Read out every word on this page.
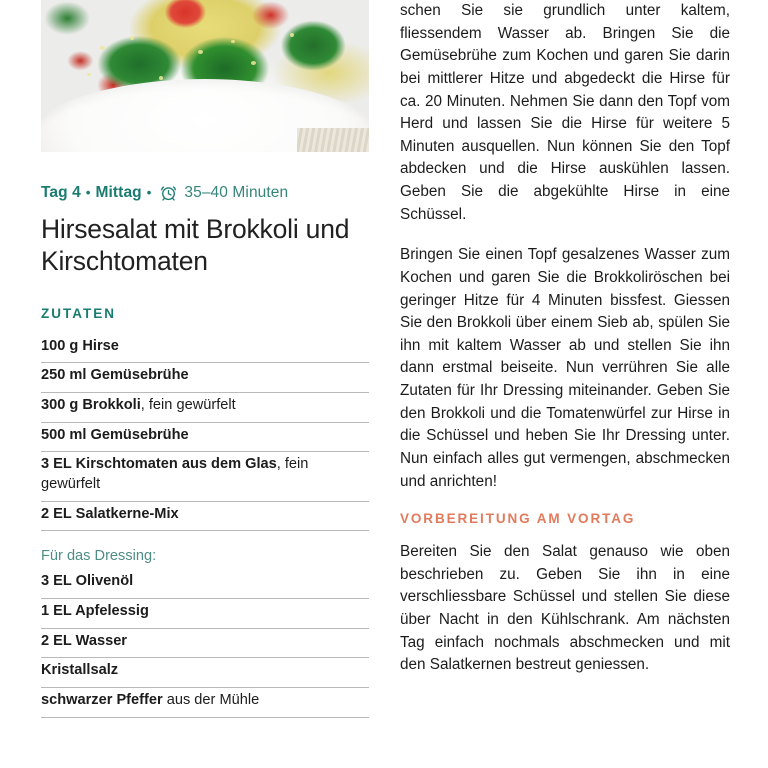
Tag 4 • Mittag • 35–40 Minuten
Hirsesalat mit Brokkoli und Kirschtomaten
ZUTATEN
100 g Hirse
250 ml Gemüsebrühe
300 g Brokkoli, fein gewürfelt
500 ml Gemüsebrühe
3 EL Kirschtomaten aus dem Glas, fein gewürfelt
2 EL Salatkerne-Mix
Für das Dressing:
3 EL Olivenöl
1 EL Apfelessig
2 EL Wasser
Kristallsalz
schwarzer Pfeffer aus der Mühle

schen Sie sie grundlich unter kaltem, fliessendem Wasser ab. Bringen Sie die Gemüsebrühe zum Kochen und garen Sie darin bei mittlerer Hitze und abgedeckt die Hirse für ca. 20 Minuten. Nehmen Sie dann den Topf vom Herd und lassen Sie die Hirse für weitere 5 Minuten ausquellen. Nun können Sie den Topf abdecken und die Hirse auskühlen lassen. Geben Sie die abgekühlte Hirse in eine Schüssel.

Bringen Sie einen Topf gesalzenes Wasser zum Kochen und garen Sie die Brokkoliröschen bei geringer Hitze für 4 Minuten bissfest. Giessen Sie den Brokkoli über einem Sieb ab, spülen Sie ihn mit kaltem Wasser ab und stellen Sie ihn dann erstmal beiseite. Nun verrühren Sie alle Zutaten für Ihr Dressing miteinander. Geben Sie den Brokkoli und die Tomatenwürfel zur Hirse in die Schüssel und heben Sie Ihr Dressing unter. Nun einfach alles gut vermengen, abschmecken und anrichten!

VORBEREITUNG AM VORTAG

Bereiten Sie den Salat genauso wie oben beschrieben zu. Geben Sie ihn in eine verschliessbare Schüssel und stellen Sie diese über Nacht in den Kühlschrank. Am nächsten Tag einfach nochmals abschmecken und mit den Salatkernen bestreut geniessen.
